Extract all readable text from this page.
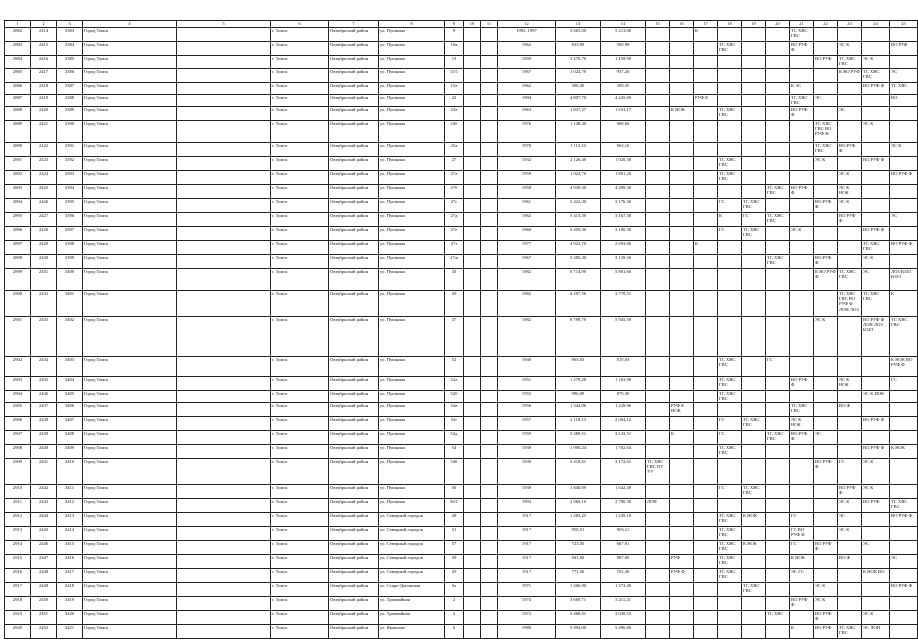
1	2	3	4	5	6	7	8	9	10	11	12	13	14	15	16	17	18	19	20	21	22	23	24	25
2882	2414	3383	Город Томск		г. Томск	Октябрьский район	ул. Пушкина	9			1993, 1997	5 665,00	5 213,00			К				ТС ХВС ГВС				
2883	2415	3384	Город Томск		г. Томск	Октябрьский район	ул. Пушкина	10а			1962	633,09	569,98				ТС ХВС ГВС			ВО РУФ Ф		ЭС К		ВО РУФ
2884	2416	3385	Город Томск		г. Томск	Октябрьский район	ул. Пушкина	13			1959	1 270,70	1 159,90								ВО РУФ	ТС ХВС ГВС	ЭС К	
2885	2417	3386	Город Томск		г. Томск	Октябрьский район	ул. Пушкина	15/1			1967	1 024,70	937,20									К ВО РУФ	ТС ХВС ГВС	ЭС
2886	2418	3387	Город Томск		г. Томск	Октябрьский район	ул. Пушкина	15а			1962	396,30	309,35							К ЭС			ВО РУФ Ф	ТС ХВС
2887	2419	3388	Город Томск		г. Томск	Октябрьский район	ул. Пушкина	22			1994	4 807,70	4 245,00			РУФ К				ТС ХВС ГВС	ЭС			ВО
2888	2420	3389	Город Томск		г. Томск	Октябрьский район	ул. Пушкина	23а			1963	1 837,27	1 631,17		К НОК		ТС ХВС ГВС			ВО РУФ Ф		ЭС		
2889	2421	3390	Город Томск		г. Томск	Октябрьский район	ул. Пушкина	23б			1976	1 148,40	908,60								ТС ХВС ГВС ВО РУФ Ф		ЭС К	
2890	2422	3391	Город Томск		г. Томск	Октябрьский район	ул. Пушкина	25а			1978	1 113,10	963,10								ТС ХВС ГВС	ВО РУФ Ф		ЭС К
2891	2423	3392	Город Томск		г. Томск	Октябрьский район	ул. Пушкина	27			1932	2 126,40	1 920,30				ТС ХВС ГВС				ЭС К		ВО РУФ Ф	
2892	2424	3393	Город Томск		г. Томск	Октябрьский район	ул. Пушкина	27а			1959	1 924,70	1 801,20				ТС ХВС ГВС					ЭС К		ВО РУФ Ф
2893	2425	3394	Город Томск		г. Томск	Октябрьский район	ул. Пушкина	27б			1958	4 939,30	4 499,30						ТС ХВС ГВС	ВО РУФ Ф		ЭС К НОК		
2894	2426	3395	Город Томск		г. Томск	Октябрьский район	ул. Пушкина	27г			1961	3 422,30	3 176,30				ГС	ТС ХВС ГВС			ВО РУФ Ф	ЭС К		
2895	2427	3396	Город Томск		г. Томск	Октябрьский район	ул. Пушкина	27д			1962	3 413,30	3 167,30				К	ГС	ТС ХВС ГВС			ВО РУФ Ф		ЭС
2896	2428	3397	Город Томск		г. Томск	Октябрьский район	ул. Пушкина	27е			1960	3 459,30	3 190,30				ГС	ТС ХВС ГВС		ЭС К			ВО РУФ Ф	
2897	2429	3398	Город Томск		г. Томск	Октябрьский район	ул. Пушкина	27з			1977	4 923,70	2 693,06			К							ТС ХВС ГВС	ВО РУФ Ф
2898	2430	3399	Город Томск		г. Томск	Октябрьский район	ул. Пушкина	27ж			1967	3 385,30	3 139,30						ТС ХВС ГВС		ВО РУФ Ф		ЭС К	
2899	2431	3400	Город Томск		г. Томск	Октябрьский район	ул. Пушкина	33			1982	6 714,90	5 861,60								К ВО РУФ Ф	ТС ХВС ГВС	ЭС	ЛОЗ ЮЗЛ ЮЗЭ
2900	2432	3401	Город Томск		г. Томск	Октябрьский район	ул. Пушкина	35			1982	4 297,56	3 778,51									ТС ХВС ГВС ВО РУФ Ф ЛОН ЛОЗ	ТС ХВС ГВС	К
2901	2433	3402	Город Томск		г. Томск	Октябрьский район	ул. Пушкина	37			1982	6 798,70	5 945,50								ЭС К		ВО РУФ Ф ЛОН ЛОЗ ЮЗЛ	ТС ХВС ГВС
2902	2434	3403	Город Томск		г. Томск	Октябрьский район	ул. Пушкина	52			1940	903,03	815,03				ТС ХВС ГВС		ГС					К НОК ВО РУФ Ф
2903	2435	3404	Город Томск		г. Томск	Октябрьский район	ул. Пушкина	52а			1951	1 279,28	1 163,98				ТС ХВС ГВС			ВО РУФ Ф		ЭС К НОК		ГС
2904	2436	3405	Город Томск		г. Томск	Октябрьский район	ул. Пушкина	52б			1953	996,09	879,39				ТС ХВС ГВС						ЭС К НОК	
2905	2437	3406	Город Томск		г. Томск	Октябрьский район	ул. Пушкина	52в			1956	1 344,96	1 229,96		РУФ К НОК					ТС ХВС ГВС		ВО Ф		
2906	2438	3407	Город Томск		г. Томск	Октябрьский район	ул. Пушкина	52г			1957	2 118,13	2 004,12				ГС	ТС ХВС ГВС		ЭС К НОК			ВО РУФ Ф	
2907	2439	3408	Город Томск		г. Томск	Октябрьский район	ул. Пушкина	52д			1959	3 389,51	3 143,51		К		ГС		ТС ХВС ГВС	ВО РУФ Ф	ЭС			
2908	2440	3409	Город Томск		г. Томск	Октябрьский район	ул. Пушкина	54			1939	1 900,24	1 702,64				ТС ХВС ГВС						ВО РУФ Ф	К НОК
2909	2441	3410	Город Томск		г. Томск	Октябрьский район	ул. Пушкина	54б			1939	3 418,61	3 172,61	ТС ХВС ГВС ПУ УУ							ВО РУФ Ф	ГС	ЭС К	
2910	2442	3411	Город Томск		г. Томск	Октябрьский район	ул. Пушкина	56			1939	1 840,09	1 642,49				ГС	ТС ХВС ГВС				ВО РУФ Ф	ЭС К	
2911	2443	3412	Город Томск		г. Томск	Октябрьский район	ул. Пушкина	56/1			1993	2 960,10	2 780,30	ЛОН								ЭС К	ВО РУФ	ТС ХВС ГВС
2912	2444	3413	Город Томск		г. Томск	Октябрьский район	ул. Северный городок	49			1917	1 283,25	1 249,18				ТС ХВС ГВС	К НОК		ГС		ЭС		ВО РУФ Ф
2913	2445	3414	Город Томск		г. Томск	Октябрьский район	ул. Северный городок	51			1917	958,51	903,11				ТС ХВС ГВС			ГС ВО РУФ Ф		ЭС К		
2914	2446	3415	Город Томск		г. Томск	Октябрьский район	ул. Северный городок	57			1917	723,50	667,91				ТС ХВС ГВС	К НОК		ГС	ВО РУФ Ф		ЭС	
2915	2447	3416	Город Томск		г. Томск	Октябрьский район	ул. Северный городок	59			1917	941,00	887,00		РУФ		ТС ХВС ГВС			К НОК		ВО Ф		ЭС
2916	2448	3417	Город Томск		г. Томск	Октябрьский район	ул. Северный городок	25			1917	771,50	701,30		РУФ Ф		ТС ХВС ГВС			ЭС ГС			К НОК ВО	
2917	2449	3418	Город Томск		г. Томск	Октябрьский район	ул. Старо-Деповская	5а			1971	1 466,00	1 373,40					ТС ХВС ГВС			ЭС К			ВО РУФ Ф
2918	2450	3419	Город Томск		г. Томск	Октябрьский район	ул. Трамвайная	2			1974	3 669,71	3 211,21							ВО РУФ Ф	ЭС К			
2919	2451	3420	Город Томск		г. Томск	Октябрьский район	ул. Трамвайная	4			1972	3 468,01	3 030,53						ТС ХВС		ВО РУФ Ф		ЭС К	
2920	2452	3421	Город Томск		г. Томск	Октябрьский район	ул. Яковлева	6			1989	5 994,00	5 496,60							К	ВО РУФ	ТС ХВС ГВС	ЭС ЛОН	
